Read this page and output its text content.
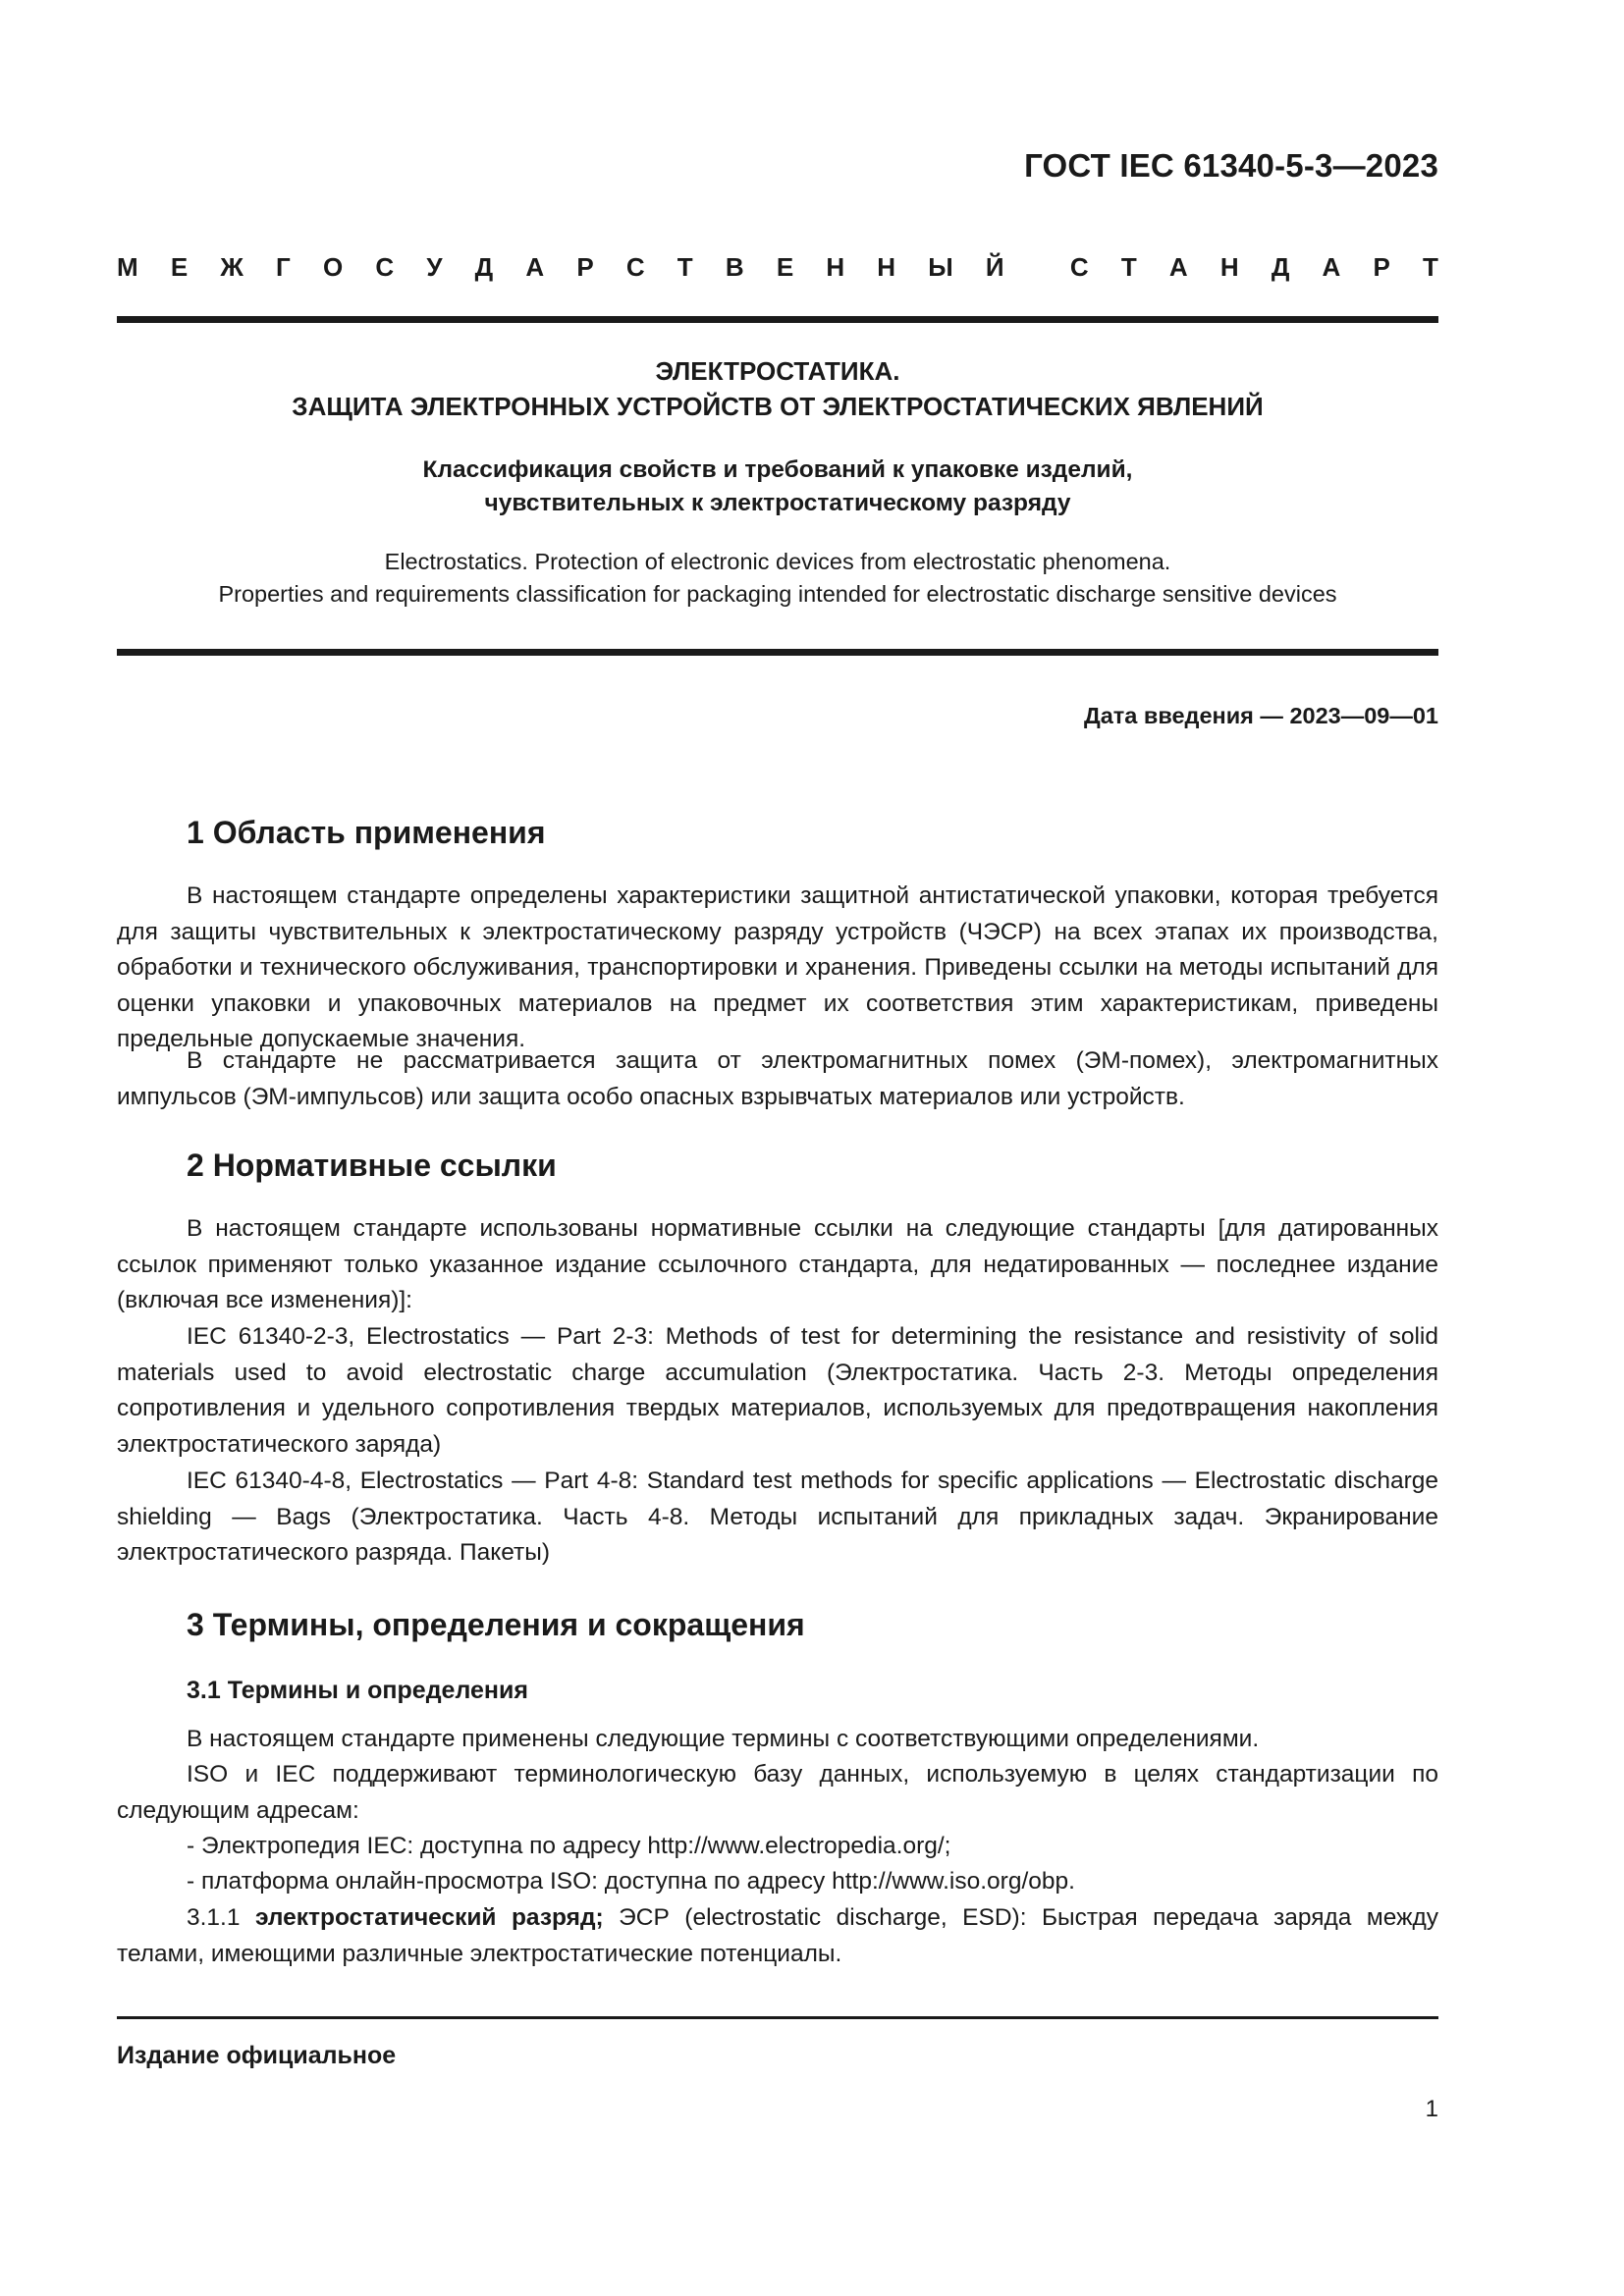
ГОСТ IEC 61340-5-3—2023
М Е Ж Г О С У Д А Р С Т В Е Н Н Ы Й	С Т А Н Д А Р Т
ЭЛЕКТРОСТАТИКА.
ЗАЩИТА ЭЛЕКТРОННЫХ УСТРОЙСТВ ОТ ЭЛЕКТРОСТАТИЧЕСКИХ ЯВЛЕНИЙ
Классификация свойств и требований к упаковке изделий,
чувствительных к электростатическому разряду
Electrostatics. Protection of electronic devices from electrostatic phenomena.
Properties and requirements classification for packaging intended for electrostatic discharge sensitive devices
Дата введения — 2023—09—01
1 Область применения

В настоящем стандарте определены характеристики защитной антистатической упаковки, которая требуется для защиты чувствительных к электростатическому разряду устройств (ЧЭСР) на всех этапах их производства, обработки и технического обслуживания, транспортировки и хранения. Приведены ссылки на методы испытаний для оценки упаковки и упаковочных материалов на предмет их соответствия этим характеристикам, приведены предельные допускаемые значения.

В стандарте не рассматривается защита от электромагнитных помех (ЭМ-помех), электромагнитных импульсов (ЭМ-импульсов) или защита особо опасных взрывчатых материалов или устройств.

2 Нормативные ссылки

В настоящем стандарте использованы нормативные ссылки на следующие стандарты [для датированных ссылок применяют только указанное издание ссылочного стандарта, для недатированных — последнее издание (включая все изменения)]:

IEC 61340-2-3, Electrostatics — Part 2-3: Methods of test for determining the resistance and resistivity of solid materials used to avoid electrostatic charge accumulation (Электростатика. Часть 2-3. Методы определения сопротивления и удельного сопротивления твердых материалов, используемых для предотвращения накопления электростатического заряда)

IEC 61340-4-8, Electrostatics — Part 4-8: Standard test methods for specific applications — Electrostatic discharge shielding — Bags (Электростатика. Часть 4-8. Методы испытаний для прикладных задач. Экранирование электростатического разряда. Пакеты)

3 Термины, определения и сокращения
3.1 Термины и определения

В настоящем стандарте применены следующие термины с соответствующими определениями.

ISO и IEC поддерживают терминологическую базу данных, используемую в целях стандартизации по следующим адресам:

- Электропедия IEC: доступна по адресу http://www.electropedia.org/;

- платформа онлайн-просмотра ISO: доступна по адресу http://www.iso.org/obp.

3.1.1 электростатический разряд; ЭСР (electrostatic discharge, ESD): Быстрая передача заряда между телами, имеющими различные электростатические потенциалы.

Издание официальное
1
